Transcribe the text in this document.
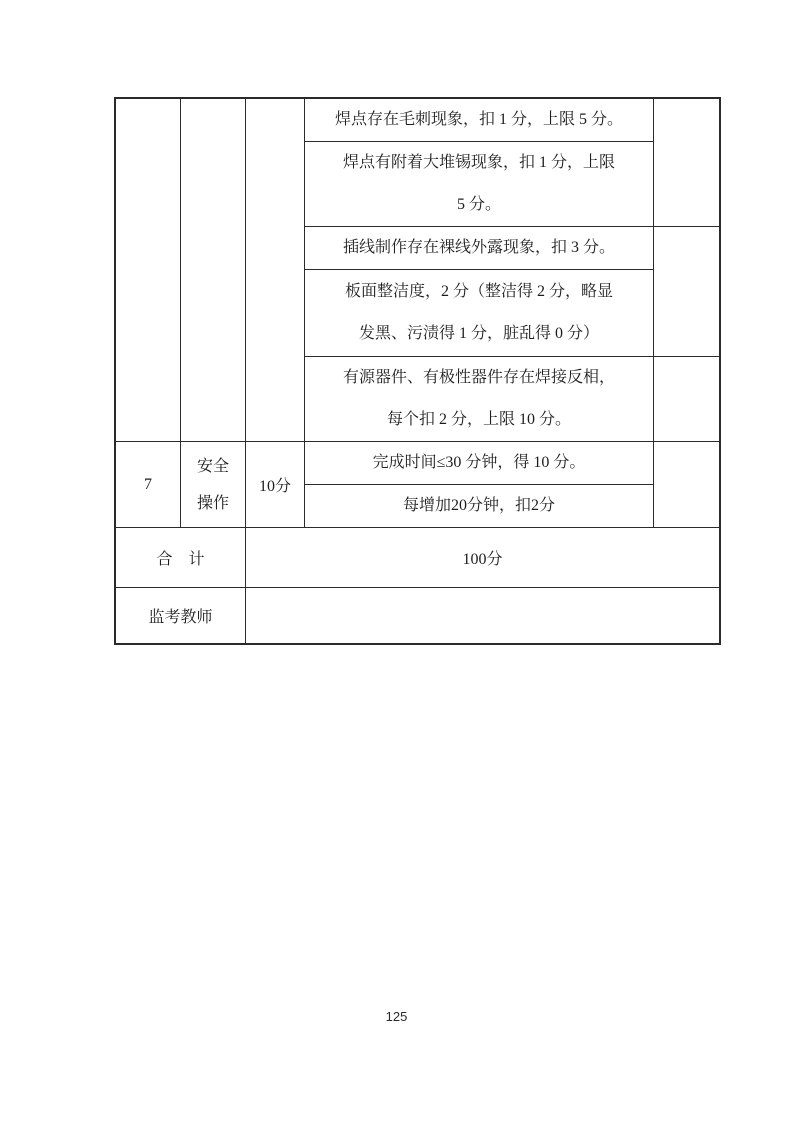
			焊点存在毛刺现象，扣 1 分，上限 5 分。	

			焊点有附着大堆锡现象，扣 1 分，上限
5 分。	

			插线制作存在裸线外露现象，扣 3 分。	

			板面整洁度，2 分（整洁得 2 分，略显
发黑、污渍得 1 分，脏乱得 0 分）	

			有源器件、有极性器件存在焊接反相，
每个扣 2 分，上限 10 分。	

7	安全
操作	10分	完成时间≤30 分钟，得 10 分。	

			每增加20分钟，扣2分	

合　计		100分		
监考教师				
125
